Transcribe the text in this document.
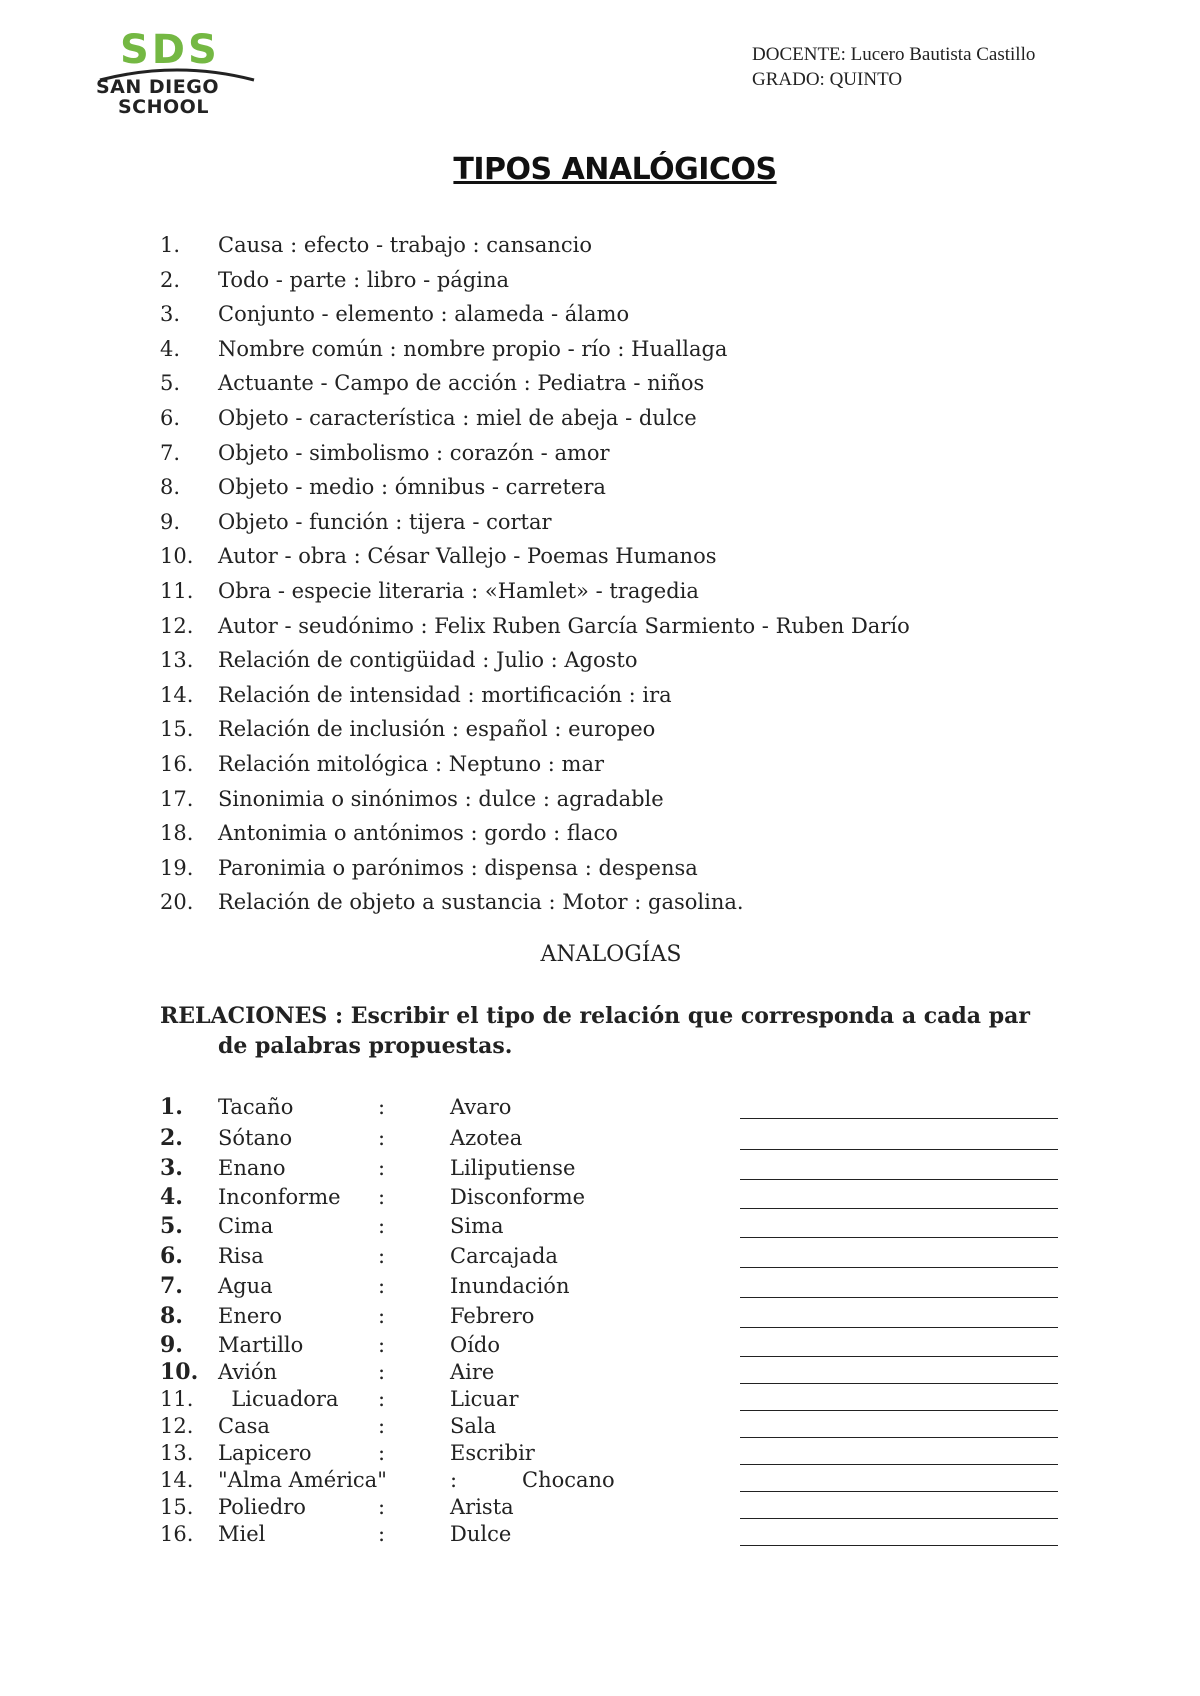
SDS
SAN DIEGO
SCHOOL
DOCENTE: Lucero Bautista Castillo
GRADO: QUINTO
TIPOS ANALÓGICOS
1.	Causa : efecto - trabajo : cansancio
2.	Todo - parte : libro - página
3.	Conjunto - elemento : alameda - álamo
4.	Nombre común : nombre propio - río : Huallaga
5.	Actuante - Campo de acción : Pediatra - niños
6.	Objeto - característica : miel de abeja - dulce
7.	Objeto - simbolismo : corazón - amor
8.	Objeto - medio : ómnibus - carretera
9.	Objeto - función : tijera - cortar
10.	Autor - obra : César Vallejo - Poemas Humanos
11.	Obra - especie literaria : «Hamlet» - tragedia
12.	Autor - seudónimo : Felix Ruben García Sarmiento - Ruben Darío
13.	Relación de contigüidad : Julio : Agosto
14.	Relación de intensidad : mortificación : ira
15.	Relación de inclusión : español : europeo
16.	Relación mitológica : Neptuno : mar
17.	Sinonimia o sinónimos : dulce : agradable
18.	Antonimia o antónimos : gordo : flaco
19.	Paronimia o parónimos : dispensa : despensa
20.	Relación de objeto a sustancia : Motor : gasolina.
ANALOGÍAS
RELACIONES : Escribir el tipo de relación que corresponda a cada par
de palabras propuestas.
1. Tacaño	:	Avaro
2. Sótano	:	Azotea
3. Enano	:	Liliputiense
4. Inconforme :	Disconforme
5. Cima	:	Sima
6. Risa	:	Carcajada
7. Agua	:	Inundación
8. Enero	:	Febrero
9. Martillo	:	Oído
10. Avión	:	Aire
11. Licuadora :	Licuar
12. Casa	:	Sala
13. Lapicero	:	Escribir
14. "Alma América"	:	Chocano
15. Poliedro	:	Arista
16. Miel	:	Dulce
